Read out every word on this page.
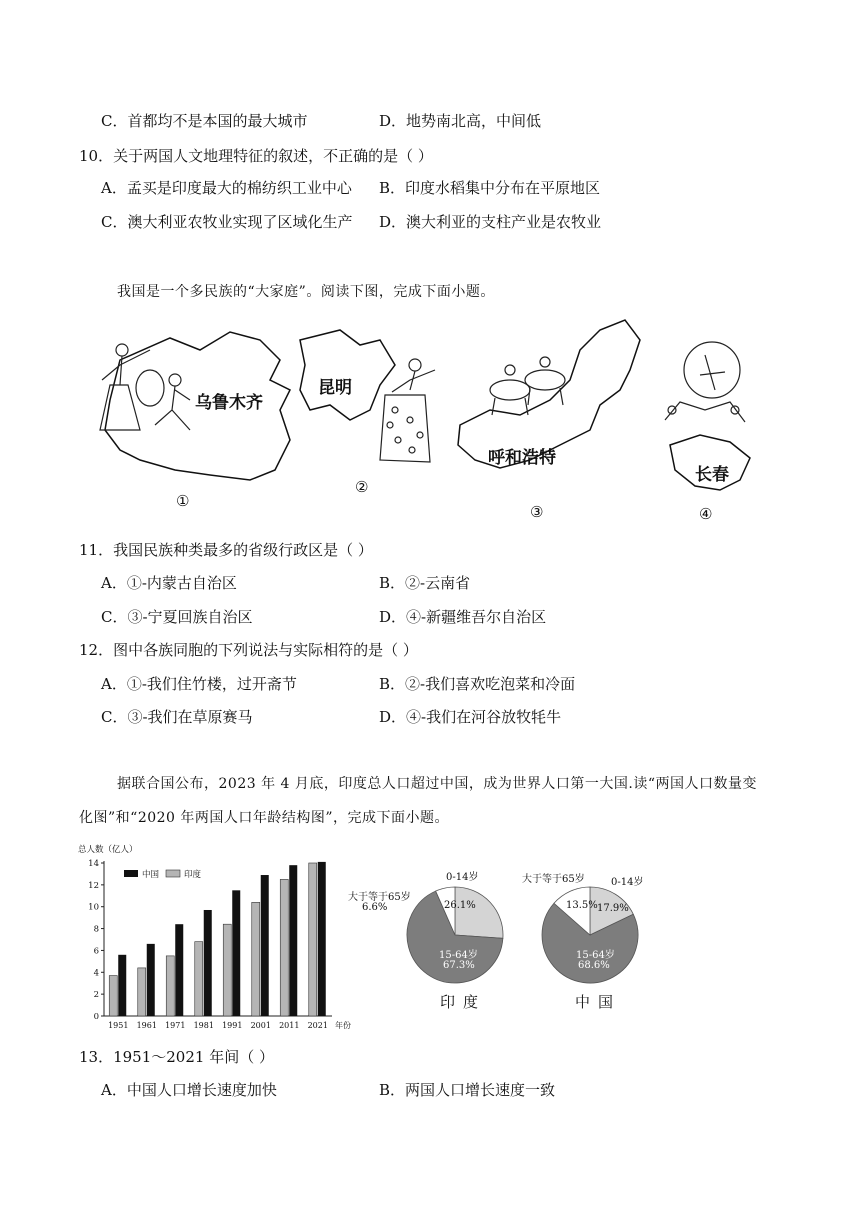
C．首都均不是本国的最大城市	D．地势南北高，中间低
10．关于两国人文地理特征的叙述，不正确的是（ ）
A．孟买是印度最大的棉纺织工业中心 B．印度水稻集中分布在平原地区
C．澳大利亚农牧业实现了区域化生产 D．澳大利亚的支柱产业是农牧业
我国是一个多民族的“大家庭”。阅读下图，完成下面小题。
乌鲁木齐
昆明
呼和浩特
长春
①
②
③	④
11．我国民族种类最多的省级行政区是（ ）
A．①-内蒙古自治区	B．②-云南省
C．③-宁夏回族自治区	D．④-新疆维吾尔自治区
12．图中各族同胞的下列说法与实际相符的是（ ）
A．①-我们住竹楼，过开斋节	B．②-我们喜欢吃泡菜和冷面
C．③-我们在草原赛马	D．④-我们在河谷放牧牦牛
据联合国公布，2023 年 4 月底，印度总人口超过中国，成为世界人口第一大国.读“两国人口数量变
化图”和“2020 年两国人口年龄结构图”，完成下面小题。
总人数（亿人）
0
2
4
6
8
10
12
14
1951 1961 1971 1981 1991 2001 2011 2021 年份
中国	印度	0-14岁
26.1%
大于等于65岁
6.6%
15-64岁
67.3%
印度
0-14岁
17.9%
大于等于65岁
13.5%
15-64岁
68.6%
中国
13．1951～2021 年间（ ）
A．中国人口增长速度加快	B．两国人口增长速度一致
